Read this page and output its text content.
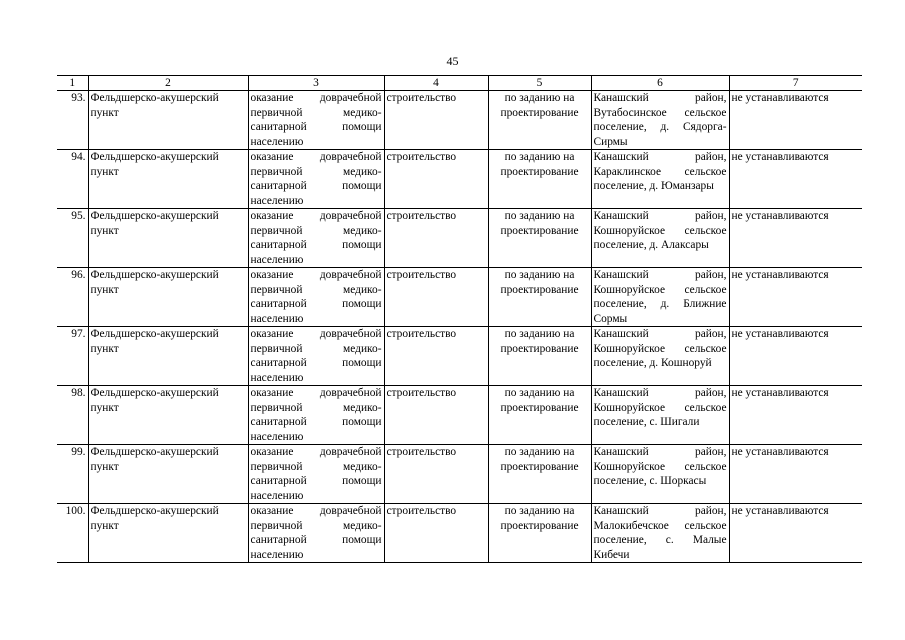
45
1	2	3	4	5	6	7
93.	Фельдшерско-акушерский пункт	оказание доврачебной первичной медико-санитарной помощи населению	строительство	по заданию на проектирование	Канашский район, Вутабосинское сельское поселение, д. Сядорга-Сирмы	не устанавливаются
94.	Фельдшерско-акушерский пункт	оказание доврачебной первичной медико-санитарной помощи населению	строительство	по заданию на проектирование	Канашский район, Караклинское сельское поселение, д. Юманзары	не устанавливаются
95.	Фельдшерско-акушерский пункт	оказание доврачебной первичной медико-санитарной помощи населению	строительство	по заданию на проектирование	Канашский район, Кошноруйское сельское поселение, д. Алаксары	не устанавливаются
96.	Фельдшерско-акушерский пункт	оказание доврачебной первичной медико-санитарной помощи населению	строительство	по заданию на проектирование	Канашский район, Кошноруйское сельское поселение, д. Ближние Сормы	не устанавливаются
97.	Фельдшерско-акушерский пункт	оказание доврачебной первичной медико-санитарной помощи населению	строительство	по заданию на проектирование	Канашский район, Кошноруйское сельское поселение, д. Кошноруй	не устанавливаются
98.	Фельдшерско-акушерский пункт	оказание доврачебной первичной медико-санитарной помощи населению	строительство	по заданию на проектирование	Канашский район, Кошноруйское сельское поселение, с. Шигали	не устанавливаются
99.	Фельдшерско-акушерский пункт	оказание доврачебной первичной медико-санитарной помощи населению	строительство	по заданию на проектирование	Канашский район, Кошноруйское сельское поселение, с. Шоркасы	не устанавливаются
100.	Фельдшерско-акушерский пункт	оказание доврачебной первичной медико-санитарной помощи населению	строительство	по заданию на проектирование	Канашский район, Малокибечское сельское поселение, с. Малые Кибечи	не устанавливаются
